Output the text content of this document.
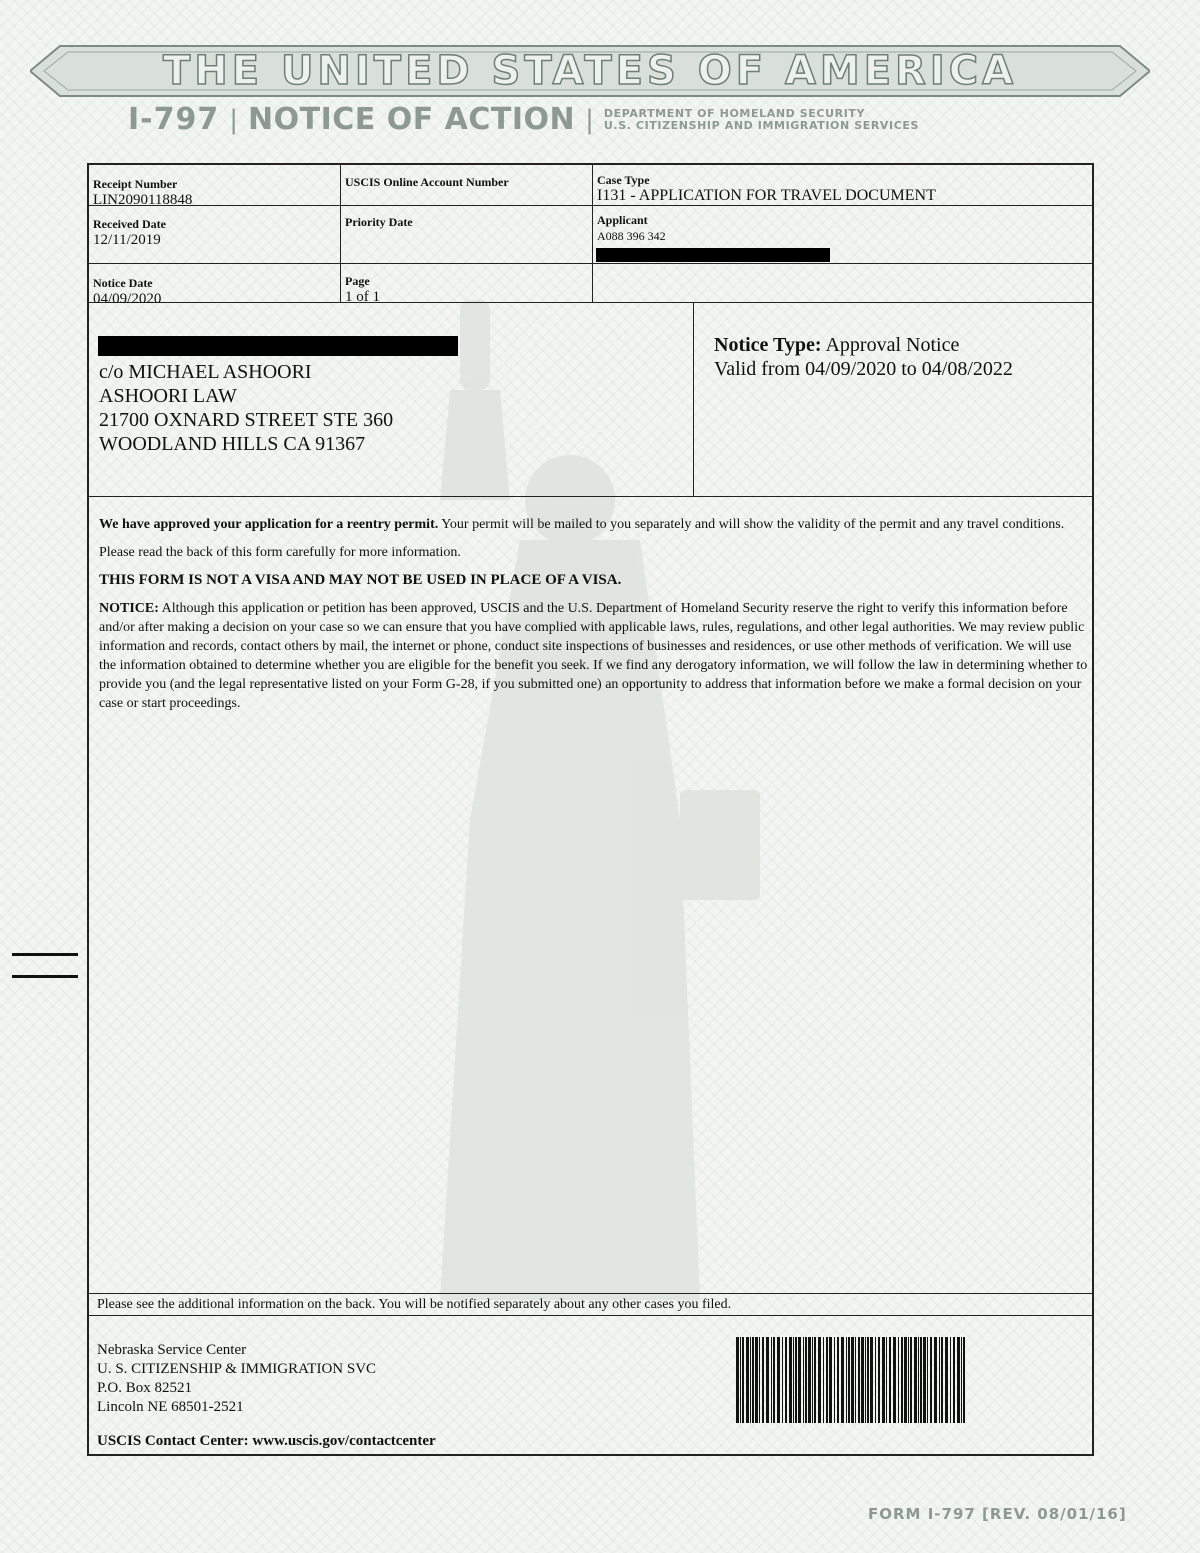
THE UNITED STATES OF AMERICA
I-797 | NOTICE OF ACTION | DEPARTMENT OF HOMELAND SECURITY
U.S. CITIZENSHIP AND IMMIGRATION SERVICES
Receipt Number
LIN2090118848
USCIS Online Account Number	Case Type
I131 - APPLICATION FOR TRAVEL DOCUMENT
Received Date
12/11/2019
Priority Date	Applicant
A088 396 342
Notice Date
04/09/2020
Page
1 of 1
c/o MICHAEL ASHOORI
ASHOORI LAW
21700 OXNARD STREET STE 360
WOODLAND HILLS CA 91367
Notice Type: Approval Notice
Valid from 04/09/2020 to 04/08/2022

We have approved your application for a reentry permit. Your permit will be mailed to you separately and will show the validity of the permit and any travel conditions.

Please read the back of this form carefully for more information.

THIS FORM IS NOT A VISA AND MAY NOT BE USED IN PLACE OF A VISA.

NOTICE: Although this application or petition has been approved, USCIS and the U.S. Department of Homeland Security reserve the right to verify this information before and/or after making a decision on your case so we can ensure that you have complied with applicable laws, rules, regulations, and other legal authorities. We may review public information and records, contact others by mail, the internet or phone, conduct site inspections of businesses and residences, or use other methods of verification. We will use the information obtained to determine whether you are eligible for the benefit you seek. If we find any derogatory information, we will follow the law in determining whether to provide you (and the legal representative listed on your Form G-28, if you submitted one) an opportunity to address that information before we make a formal decision on your case or start proceedings.

Please see the additional information on the back. You will be notified separately about any other cases you filed.
Nebraska Service Center
U. S. CITIZENSHIP & IMMIGRATION SVC
P.O. Box 82521
Lincoln NE 68501-2521
USCIS Contact Center: www.uscis.gov/contactcenter
FORM I-797 [REV. 08/01/16]
